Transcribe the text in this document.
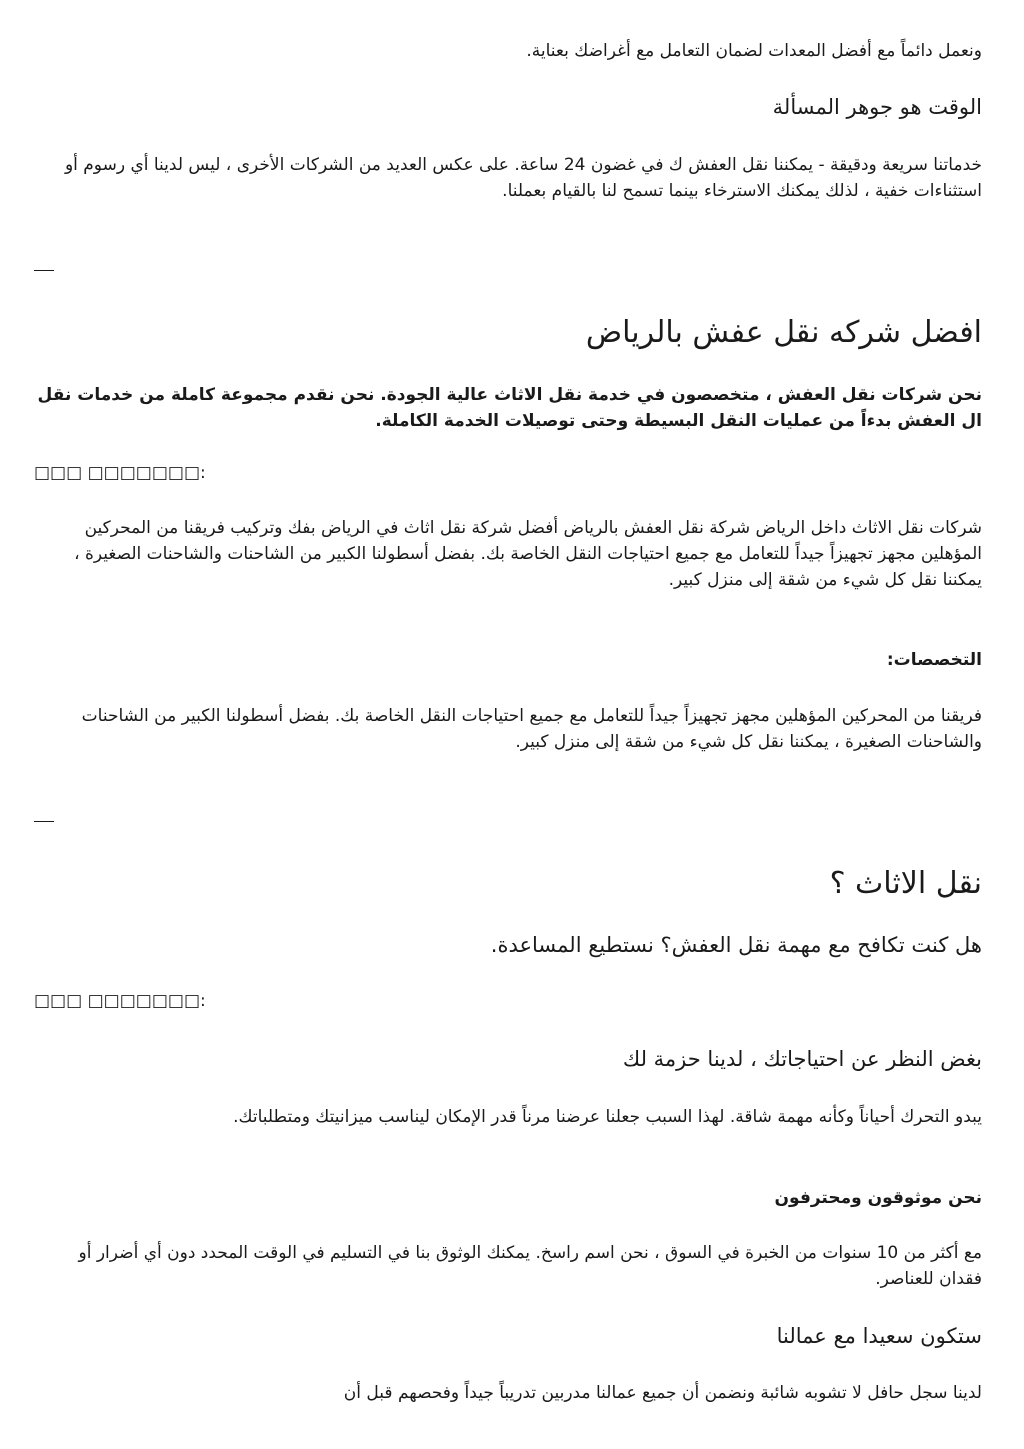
ونعمل دائماً مع أفضل المعدات لضمان التعامل مع أغراضك بعناية.

الوقت هو جوهر المسألة

خدماتنا سريعة ودقيقة - يمكننا نقل العفش ك في غضون 24 ساعة. على عكس العديد من الشركات الأخرى ، ليس لدينا أي رسوم أو استثناءات خفية ، لذلك يمكنك الاسترخاء بينما تسمح لنا بالقيام بعملنا.

افضل شركه نقل عفش بالرياض

نحن شركات نقل العفش ، متخصصون في خدمة نقل الاثاث عالية الجودة. نحن نقدم مجموعة كاملة من خدمات نقل ال العفش بدءاً من عمليات النقل البسيطة وحتى توصيلات الخدمة الكاملة.

□□□ □□□□□□□:

شركات نقل الاثاث داخل الرياض شركة نقل العفش بالرياض أفضل شركة نقل اثاث في الرياض بفك وتركيب فريقنا من المحركين المؤهلين مجهز تجهيزاً جيداً للتعامل مع جميع احتياجات النقل الخاصة بك. بفضل أسطولنا الكبير من الشاحنات والشاحنات الصغيرة ، يمكننا نقل كل شيء من شقة إلى منزل كبير.

التخصصات:

فريقنا من المحركين المؤهلين مجهز تجهيزاً جيداً للتعامل مع جميع احتياجات النقل الخاصة بك. بفضل أسطولنا الكبير من الشاحنات والشاحنات الصغيرة ، يمكننا نقل كل شيء من شقة إلى منزل كبير.

نقل الاثاث ؟
هل كنت تكافح مع مهمة نقل العفش؟ نستطيع المساعدة.

□□□ □□□□□□□:

بغض النظر عن احتياجاتك ، لدينا حزمة لك

يبدو التحرك أحياناً وكأنه مهمة شاقة. لهذا السبب جعلنا عرضنا مرناً قدر الإمكان ليناسب ميزانيتك ومتطلباتك.

نحن موثوقون ومحترفون

مع أكثر من 10 سنوات من الخبرة في السوق ، نحن اسم راسخ. يمكنك الوثوق بنا في التسليم في الوقت المحدد دون أي أضرار أو فقدان للعناصر.

ستكون سعيدا مع عمالنا

لدينا سجل حافل لا تشوبه شائبة ونضمن أن جميع عمالنا مدربين تدريباً جيداً وفحصهم قبل أن
